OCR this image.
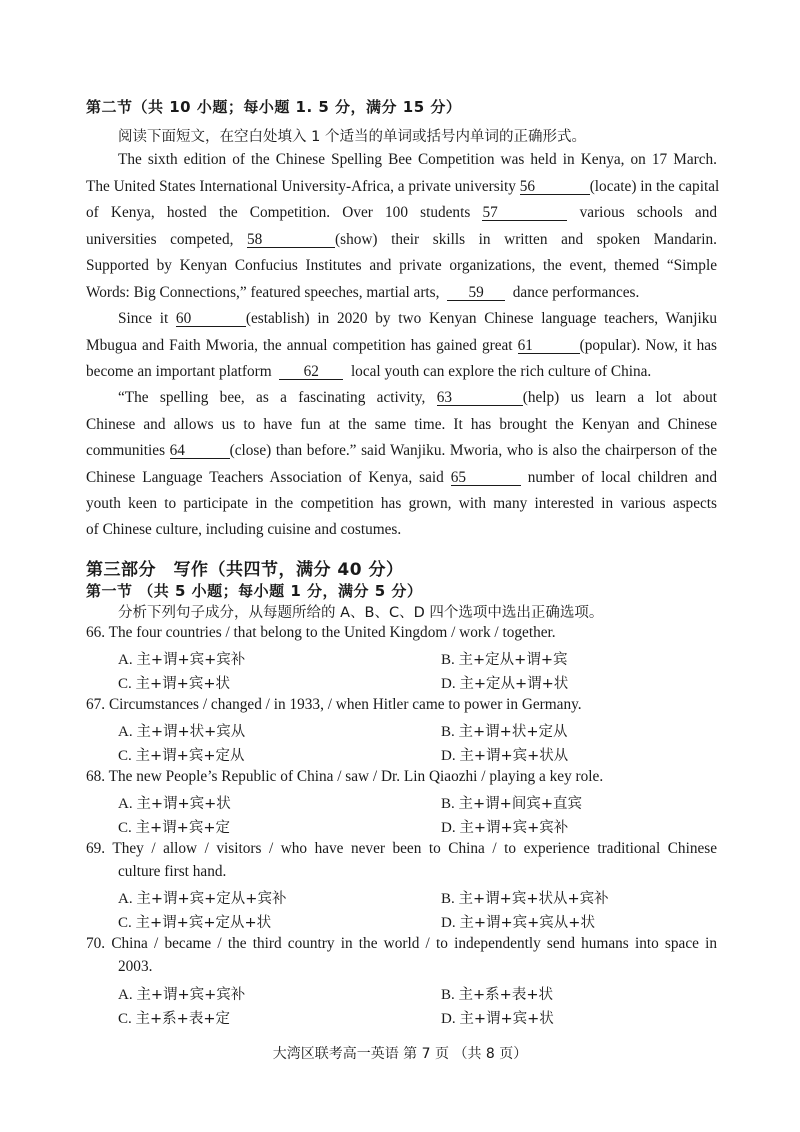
第二节（共 10 小题；每小题 1. 5 分，满分 15 分）
阅读下面短文，在空白处填入 1 个适当的单词或括号内单词的正确形式。
The sixth edition of the Chinese Spelling Bee Competition was held in Kenya, on 17 March.
The United States International University-Africa, a private university 56	(locate) in the capital
of Kenya, hosted the Competition. Over 100 students 57	various schools and
universities competed, 58	(show) their skills in written and spoken Mandarin.
Supported by Kenyan Confucius Institutes and private organizations, the event, themed “Simple
Words: Big Connections,” featured speeches, martial arts, 59 dance performances.
Since it 60	(establish) in 2020 by two Kenyan Chinese language teachers, Wanjiku
Mbugua and Faith Mworia, the annual competition has gained great 61	(popular). Now, it has
become an important platform 62 local youth can explore the rich culture of China.
“The spelling bee, as a fascinating activity, 63	(help) us learn a lot about
Chinese and allows us to have fun at the same time. It has brought the Kenyan and Chinese
communities 64	(close) than before.” said Wanjiku. Mworia, who is also the chairperson of the
Chinese Language Teachers Association of Kenya, said 65	number of local children and
youth keen to participate in the competition has grown, with many interested in various aspects
of Chinese culture, including cuisine and costumes.
第三部分　写作（共四节，满分 40 分）
第一节 （共 5 小题；每小题 1 分，满分 5 分）
分析下列句子成分，从每题所给的 A、B、C、D 四个选项中选出正确选项。
66. The four countries / that belong to the United Kingdom / work / together.
A. 主+谓+宾+宾补	B. 主+定从+谓+宾
C. 主+谓+宾+状	D. 主+定从+谓+状
67. Circumstances / changed / in 1933, / when Hitler came to power in Germany.
A. 主+谓+状+宾从	B. 主+谓+状+定从
C. 主+谓+宾+定从	D. 主+谓+宾+状从
68. The new People’s Republic of China / saw / Dr. Lin Qiaozhi / playing a key role.
A. 主+谓+宾+状	B. 主+谓+间宾+直宾
C. 主+谓+宾+定	D. 主+谓+宾+宾补
69. They / allow / visitors / who have never been to China / to experience traditional Chinese
culture first hand.
A. 主+谓+宾+定从+宾补	B. 主+谓+宾+状从+宾补
C. 主+谓+宾+定从+状	D. 主+谓+宾+宾从+状
70. China / became / the third country in the world / to independently send humans into space in
2003.
A. 主+谓+宾+宾补	B. 主+系+表+状
C. 主+系+表+定	D. 主+谓+宾+状
大湾区联考高一英语 第 7 页 （共 8 页）
